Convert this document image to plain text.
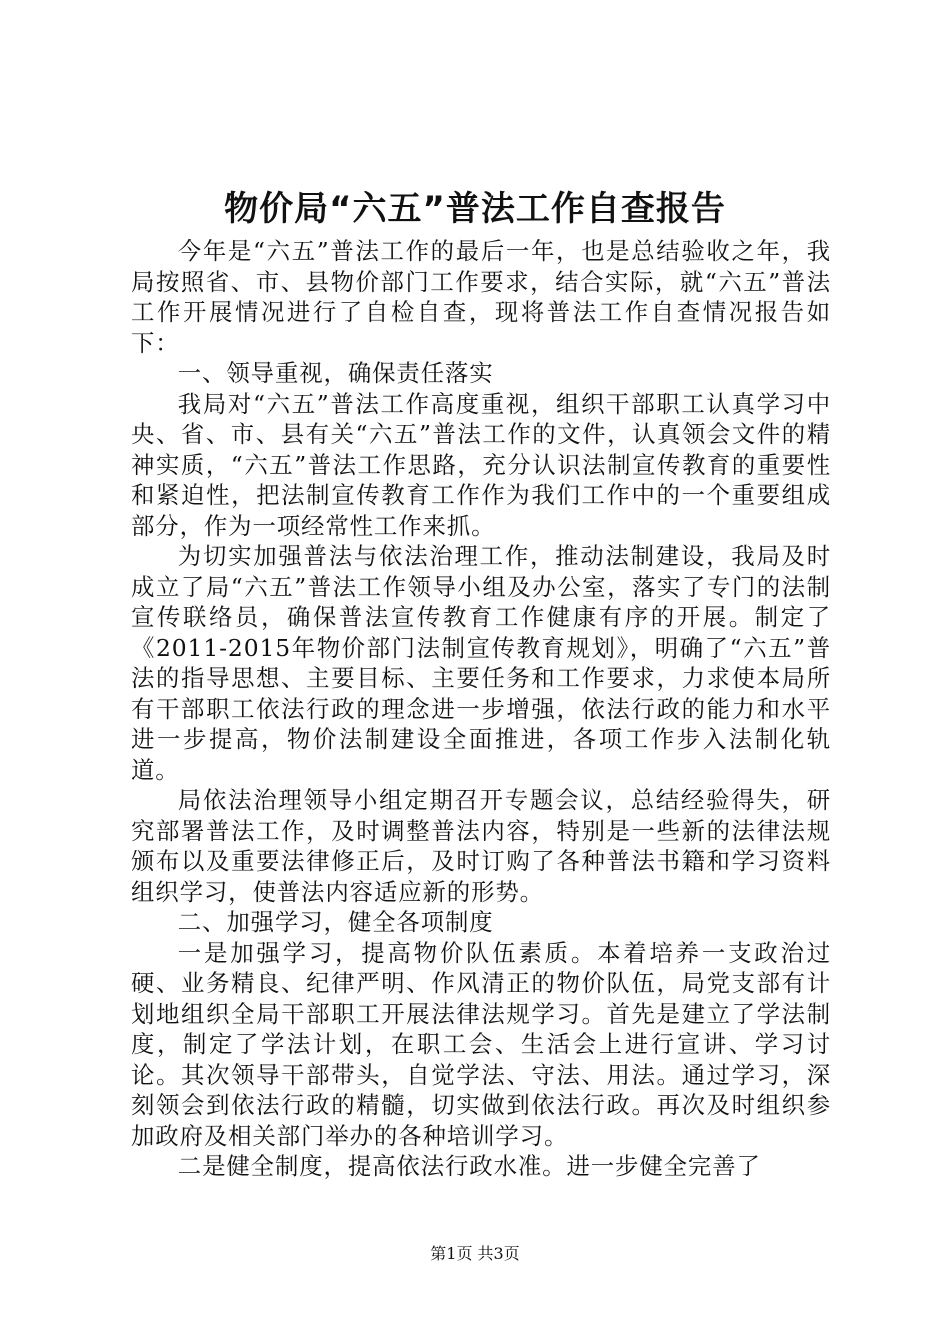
物价局“六五”普法工作自查报告

今年是“六五”普法工作的最后一年，也是总结验收之年，我局按照省、市、县物价部门工作要求，结合实际，就“六五”普法工作开展情况进行了自检自查，现将普法工作自查情况报告如下：

一、领导重视，确保责任落实

我局对“六五”普法工作高度重视，组织干部职工认真学习中央、省、市、县有关“六五”普法工作的文件，认真领会文件的精神实质，“六五”普法工作思路，充分认识法制宣传教育的重要性和紧迫性，把法制宣传教育工作作为我们工作中的一个重要组成部分，作为一项经常性工作来抓。

为切实加强普法与依法治理工作，推动法制建设，我局及时成立了局“六五”普法工作领导小组及办公室，落实了专门的法制宣传联络员，确保普法宣传教育工作健康有序的开展。制定了《2011-2015年物价部门法制宣传教育规划》，明确了“六五”普法的指导思想、主要目标、主要任务和工作要求，力求使本局所有干部职工依法行政的理念进一步增强，依法行政的能力和水平进一步提高，物价法制建设全面推进，各项工作步入法制化轨道。

局依法治理领导小组定期召开专题会议，总结经验得失，研究部署普法工作，及时调整普法内容，特别是一些新的法律法规颁布以及重要法律修正后，及时订购了各种普法书籍和学习资料组织学习，使普法内容适应新的形势。

二、加强学习，健全各项制度

一是加强学习，提高物价队伍素质。本着培养一支政治过硬、业务精良、纪律严明、作风清正的物价队伍，局党支部有计划地组织全局干部职工开展法律法规学习。首先是建立了学法制度，制定了学法计划，在职工会、生活会上进行宣讲、学习讨论。其次领导干部带头，自觉学法、守法、用法。通过学习，深刻领会到依法行政的精髓，切实做到依法行政。再次及时组织参加政府及相关部门举办的各种培训学习。

二是健全制度，提高依法行政水准。进一步健全完善了

第1页 共3页
